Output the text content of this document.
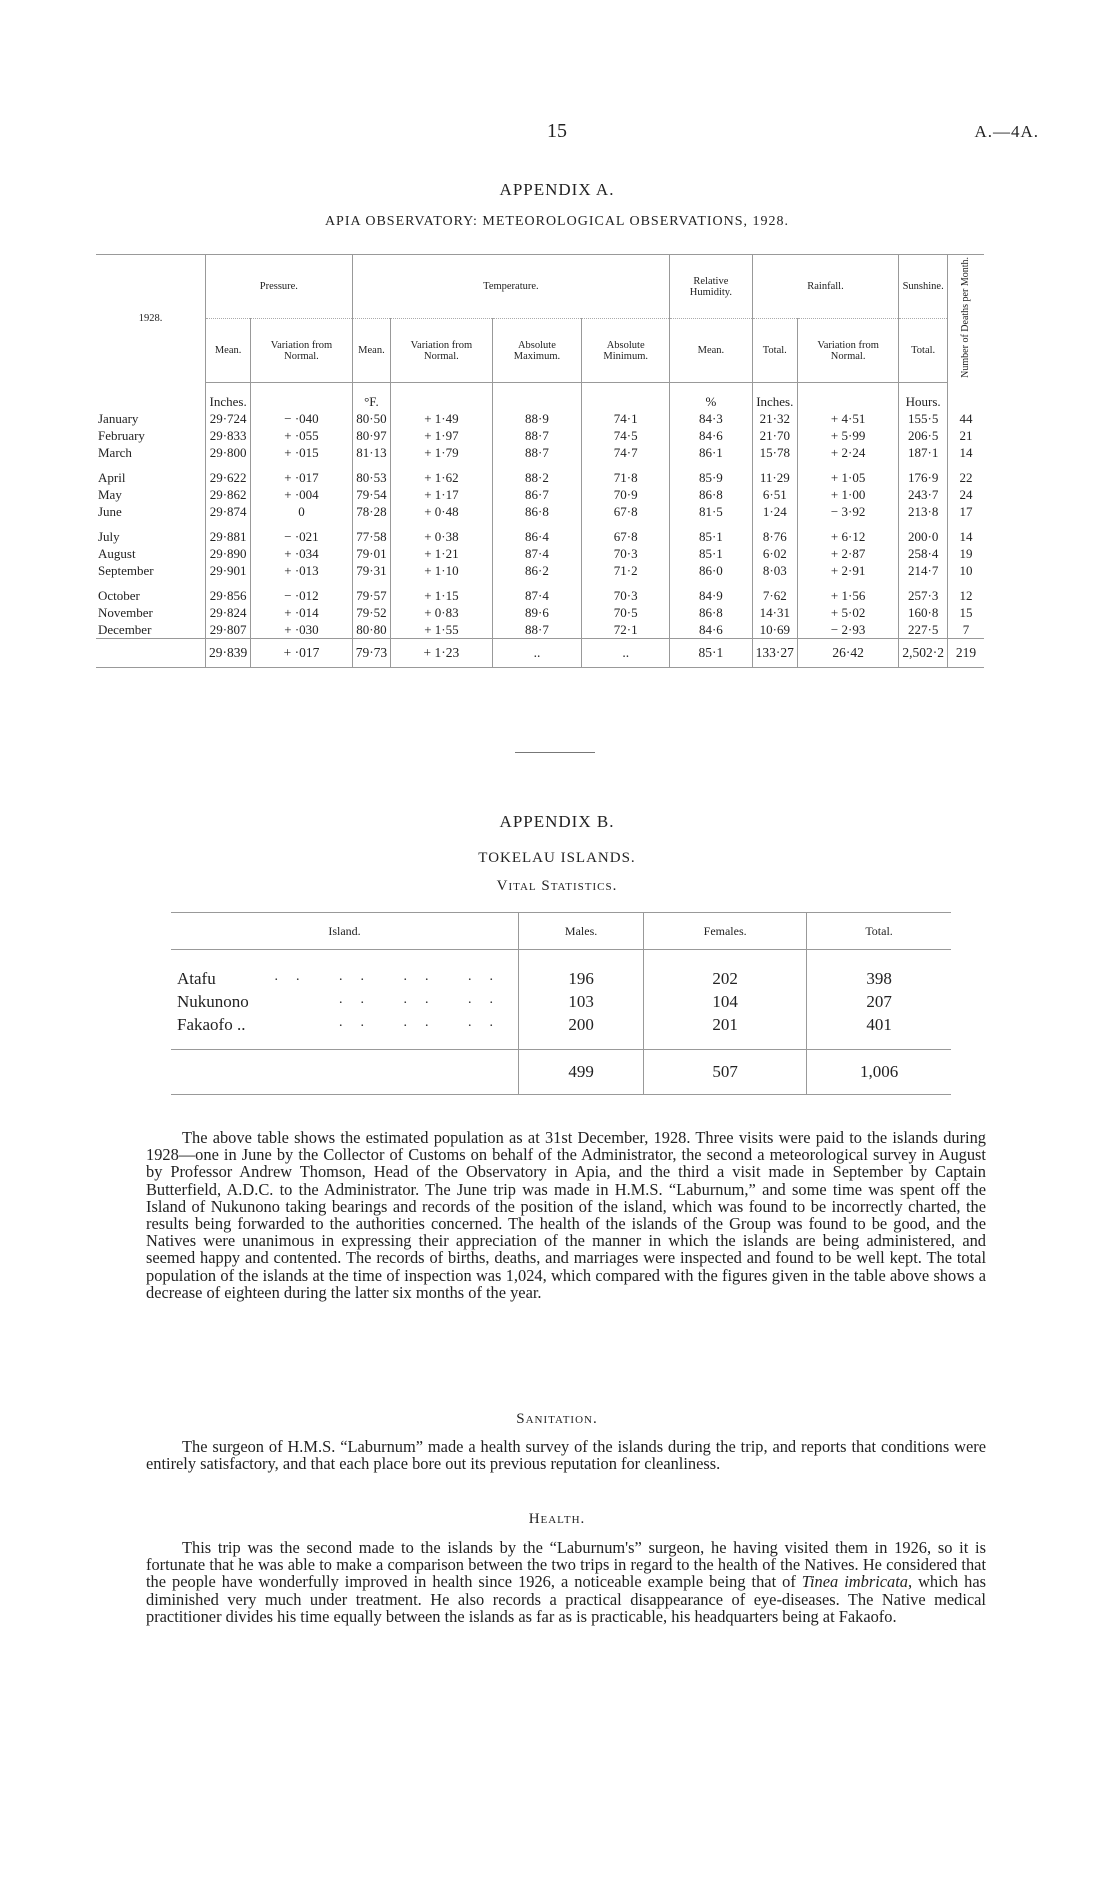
15	A.—4A.
APPENDIX A.
APIA OBSERVATORY: METEOROLOGICAL OBSERVATIONS, 1928.
1928.	Pressure.		Temperature.				Relative Humidity.	Rainfall.		Sunshine.	Number of Deaths per Month.
	Mean.	Variation from Normal.	Mean.	Variation from Normal.	Absolute Maximum.	Absolute Minimum.	Mean.	Total.	Variation from Normal.	Total.	
	Inches.		°F.				%	Inches.		Hours.	
January	29·724	− ·040	80·50	+ 1·49	88·9	74·1	84·3	21·32	+ 4·51	155·5	44
February	29·833	+ ·055	80·97	+ 1·97	88·7	74·5	84·6	21·70	+ 5·99	206·5	21
March	29·800	+ ·015	81·13	+ 1·79	88·7	74·7	86·1	15·78	+ 2·24	187·1	14

April	29·622	+ ·017	80·53	+ 1·62	88·2	71·8	85·9	11·29	+ 1·05	176·9	22
May	29·862	+ ·004	79·54	+ 1·17	86·7	70·9	86·8	6·51	+ 1·00	243·7	24
June	29·874	0	78·28	+ 0·48	86·8	67·8	81·5	1·24	− 3·92	213·8	17

July	29·881	− ·021	77·58	+ 0·38	86·4	67·8	85·1	8·76	+ 6·12	200·0	14
August	29·890	+ ·034	79·01	+ 1·21	87·4	70·3	85·1	6·02	+ 2·87	258·4	19
September	29·901	+ ·013	79·31	+ 1·10	86·2	71·2	86·0	8·03	+ 2·91	214·7	10

October	29·856	− ·012	79·57	+ 1·15	87·4	70·3	84·9	7·62	+ 1·56	257·3	12
November	29·824	+ ·014	79·52	+ 0·83	89·6	70·5	86·8	14·31	+ 5·02	160·8	15
December	29·807	+ ·030	80·80	+ 1·55	88·7	72·1	84·6	10·69	− 2·93	227·5	7
	29·839	+ ·017	79·73	+ 1·23	..	..	85·1	133·27	26·42	2,502·2	219
APPENDIX B.
TOKELAU ISLANDS.
Vital Statistics.
Island.	Males.	Females.	Total.
Atafu .. .. .. ..	196	202	398
Nukunono .. .. ..	103	104	207
Fakaofo .. .. .. ..	200	201	401
	499	507	1,006

The above table shows the estimated population as at 31st December, 1928. Three visits were paid to the islands during 1928—one in June by the Collector of Customs on behalf of the Administrator, the second a meteorological survey in August by Professor Andrew Thomson, Head of the Observatory in Apia, and the third a visit made in September by Captain Butterfield, A.D.C. to the Administrator. The June trip was made in H.M.S. “Laburnum,” and some time was spent off the Island of Nukunono taking bearings and records of the position of the island, which was found to be incorrectly charted, the results being forwarded to the authorities concerned. The health of the islands of the Group was found to be good, and the Natives were unanimous in expressing their appreciation of the manner in which the islands are being administered, and seemed happy and contented. The records of births, deaths, and marriages were inspected and found to be well kept. The total population of the islands at the time of inspection was 1,024, which compared with the figures given in the table above shows a decrease of eighteen during the latter six months of the year.

Sanitation.

The surgeon of H.M.S. “Laburnum” made a health survey of the islands during the trip, and reports that conditions were entirely satisfactory, and that each place bore out its previous reputation for cleanliness.

Health.

This trip was the second made to the islands by the “Laburnum's” surgeon, he having visited them in 1926, so it is fortunate that he was able to make a comparison between the two trips in regard to the health of the Natives. He considered that the people have wonderfully improved in health since 1926, a noticeable example being that of Tinea imbricata, which has diminished very much under treatment. He also records a practical disappearance of eye-diseases. The Native medical practitioner divides his time equally between the islands as far as is practicable, his headquarters being at Fakaofo.
